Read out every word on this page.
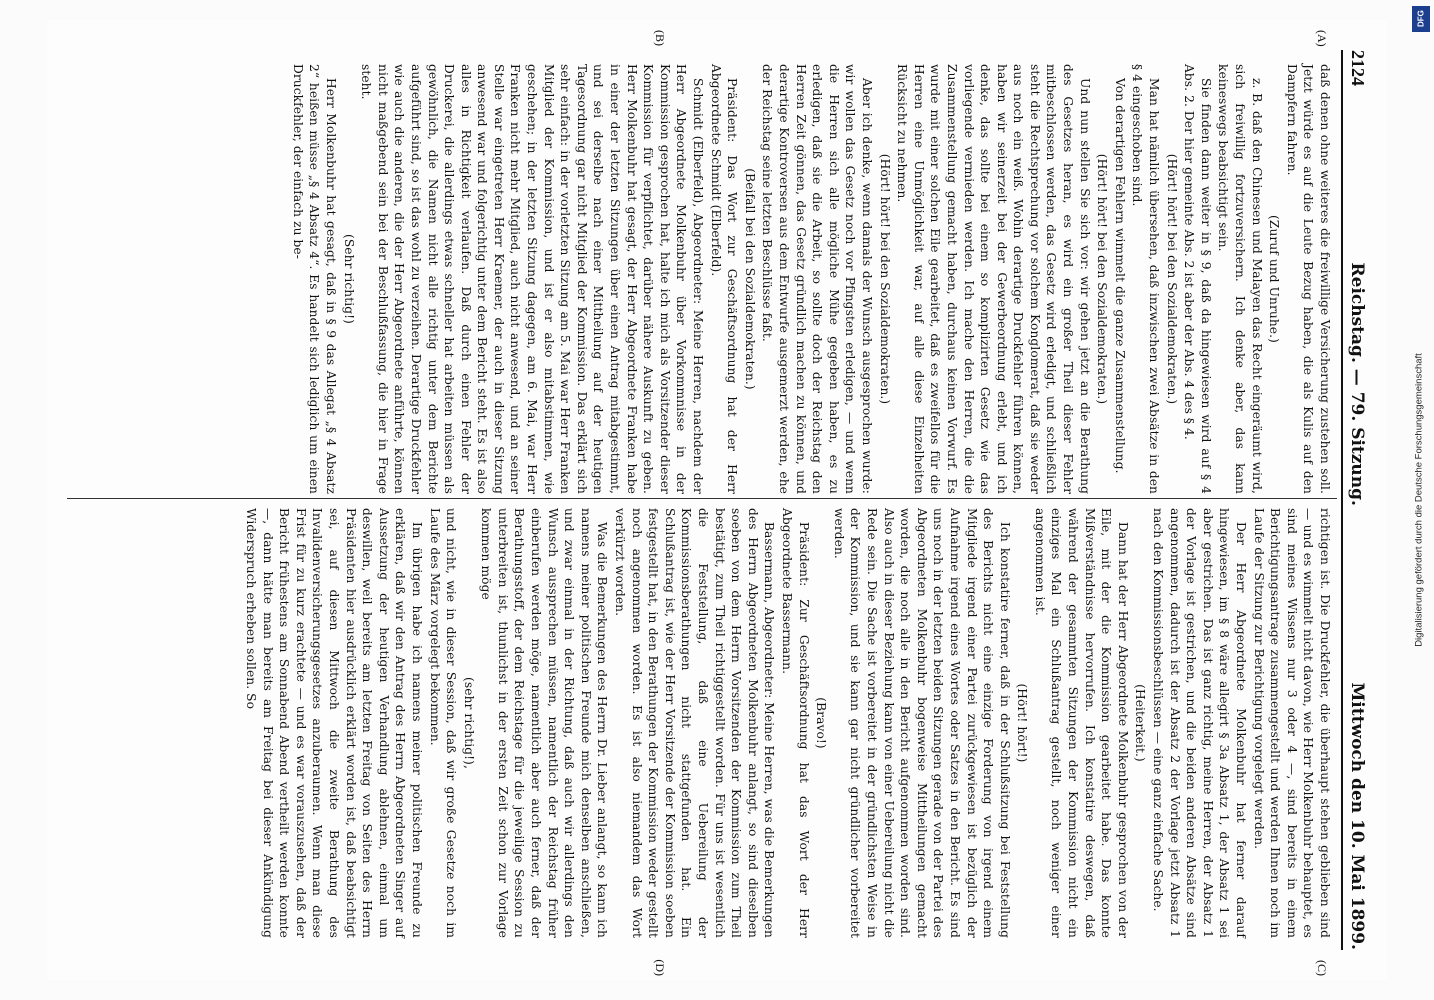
2124
Reichstag. — 79. Sitzung.
Mittwoch den 10. Mai 1899.
(A)
(B)
(C)
(D)

daß denen ohne weiteres die freiwillige Versicherung zustehen soll. Jetzt würde es auf die Leute Bezug haben, die als Kulis auf den Dampfern fahren.

(Zuruf und Unruhe.)

z. B. daß den Chinesen und Malayen das Recht eingeräumt wird, sich freiwillig fortzuversichern. Ich denke aber, das kann keineswegs beabsichtigt sein.

Sie finden dann weiter in § 9, daß da hingewiesen wird auf § 4 Abs. 2. Der hier gemeinte Abs. 2 ist aber der Abs. 4 des § 4.

(Hört! hört! bei den Sozialdemokraten.)

Man hat nämlich übersehen, daß inzwischen zwei Absätze in den § 4 eingeschoben sind.

Von derartigen Fehlern wimmelt die ganze Zusammenstellung.

(Hört! hört! bei den Sozialdemokraten.)

Und nun stellen Sie sich vor: wir gehen jetzt an die Berathung des Gesetzes heran, es wird ein großer Theil dieser Fehler mitbeschlossen werden, das Gesetz wird erledigt, und schließlich steht die Rechtsprechung vor solchem Konglomerat, daß sie weder aus noch ein weiß. Wohin derartige Druckfehler führen können, haben wir seinerzeit bei der Gewerbeordnung erlebt, und ich denke, das sollte bei einem so komplizirten Gesetz wie das vorliegende vermieden werden. Ich mache den Herren, die die Zusammenstellung gemacht haben, durchaus keinen Vorwurf. Es wurde mit einer solchen Eile gearbeitet, daß es zweifellos für die Herren eine Unmöglichkeit war, auf alle diese Einzelheiten Rücksicht zu nehmen.

(Hört! hört! bei den Sozialdemokraten.)

Aber ich denke, wenn damals der Wunsch ausgesprochen wurde: wir wollen das Gesetz noch vor Pfingsten erledigen, — und wenn die Herren sich alle mögliche Mühe gegeben haben, es zu erledigen, daß sie die Arbeit, so sollte doch der Reichstag den Herren Zeit gönnen, das Gesetz gründlich machen zu können, und derartige Kontroversen aus dem Entwurfe ausgemerzt werden, ehe der Reichstag seine letzten Beschlüsse faßt.

(Beifall bei den Sozialdemokraten.)

Präsident: Das Wort zur Geschäftsordnung hat der Herr Abgeordnete Schmidt (Elberfeld).

Schmidt (Elberfeld), Abgeordneter: Meine Herren, nachdem der Herr Abgeordnete Molkenbuhr über Vorkommnisse in der Kommission gesprochen hat, halte ich mich als Vorsitzender dieser Kommission für verpflichtet, darüber nähere Auskunft zu geben. Herr Molkenbuhr hat gesagt, der Herr Abgeordnete Franken habe in einer der letzten Sitzungen über einen Antrag mitabgestimmt, und sei derselbe nach einer Mittheilung auf der heutigen Tagesordnung gar nicht Mitglied der Kommission. Das erklärt sich sehr einfach: in der vorletzten Sitzung am 5. Mai war Herr Franken Mitglied der Kommission, und ist er also mitabstimmen, wie geschehen; in der letzten Sitzung dagegen, am 6. Mai, war Herr Franken nicht mehr Mitglied, auch nicht anwesend, und an seiner Stelle war eingetreten Herr Kraemer, der auch in dieser Sitzung anwesend war und folgerichtig unter dem Bericht steht. Es ist also alles in Richtigkeit verlaufen. Daß durch einen Fehler der Druckerei, die allerdings etwas schneller hat arbeiten müssen als gewöhnlich, die Namen nicht alle richtig unter dem Berichte aufgeführt sind, so ist das wohl zu verzeihen. Derartige Druckfehler wie auch die anderen, die der Herr Abgeordnete anführte, können nicht maßgebend sein bei der Beschlußfassung, die hier in Frage steht.

(Sehr richtig!)

Herr Molkenbuhr hat gesagt, daß in § 9 das Allegat „§ 4 Absatz 2“ heißen müsse „§ 4 Absatz 4“. Es handelt sich lediglich um einen Druckfehler, der einfach zu be-

richtigen ist. Die Druckfehler, die überhaupt stehen geblieben sind — und es wimmelt nicht davon, wie Herr Molkenbuhr behauptet, es sind meines Wissens nur 3 oder 4 —, sind bereits in einem Berichtigungsantrage zusammengestellt und werden Ihnen noch im Laufe der Sitzung zur Berichtigung vorgelegt werden.

Der Herr Abgeordnete Molkenbuhr hat ferner darauf hingewiesen, im § 8 wäre allegirt § 3a Absatz 1, der Absatz 1 sei aber gestrichen. Das ist ganz richtig, meine Herren, der Absatz 1 der Vorlage ist gestrichen, und die beiden anderen Absätze sind angenommen, dadurch ist der Absatz 2 der Vorlage jetzt Absatz 1 nach den Kommissionsbeschlüssen — eine ganz einfache Sache.

(Heiterkeit.)

Dann hat der Herr Abgeordnete Molkenbuhr gesprochen von der Eile, mit der die Kommission gearbeitet habe. Das konnte Mißverständnisse hervorrufen. Ich konstatire deswegen, daß während der gesammten Sitzungen der Kommission nicht ein einziges Mal ein Schlußantrag gestellt, noch weniger einer angenommen ist.

(Hört! hört!)

Ich konstatire ferner, daß in der Schlußsitzung bei Feststellung des Berichts nicht eine einzige Forderung von irgend einem Mitgliede irgend einer Partei zurückgewiesen ist bezüglich der Aufnahme irgend eines Wortes oder Satzes in den Bericht. Es sind uns noch in der letzten beiden Sitzungen gerade von der Partei des Abgeordneten Molkenbuhr bogenweise Mittheilungen gemacht worden, die noch alle in den Bericht aufgenommen worden sind. Also auch in dieser Beziehung kann von einer Uebereilung nicht die Rede sein. Die Sache ist vorbereitet in der gründlichsten Weise in der Kommission, und sie kann gar nicht gründlicher vorbereitet werden.

(Bravo!)

Präsident: Zur Geschäftsordnung hat das Wort der Herr Abgeordnete Bassermann.

Bassermann, Abgeordneter: Meine Herren, was die Bemerkungen des Herrn Abgeordneten Molkenbuhr anlangt, so sind dieselben soeben von dem Herrn Vorsitzenden der Kommission zum Theil bestätigt, zum Theil richtiggestellt worden. Für uns ist wesentlich die Feststellung, daß eine Uebereilung der Kommissionsberathungen nicht stattgefunden hat. Ein Schlußantrag ist, wie der Herr Vorsitzende der Kommission soeben festgestellt hat, in den Berathungen der Kommission weder gestellt noch angenommen worden. Es ist also niemandem das Wort verkürzt worden.

Was die Bemerkungen des Herrn Dr. Lieber anlangt, so kann ich namens meiner politischen Freunde mich denselben anschließen, und zwar einmal in der Richtung, daß auch wir allerdings den Wunsch aussprechen müssen, namentlich der Reichstag früher einberufen werden möge, namentlich aber auch ferner, daß der Berathungsstoff, der dem Reichstage für die jeweilige Session zu unterbreiten ist, thunlichst in der ersten Zeit schon zur Vorlage kommen möge

(sehr richtig!),

und nicht, wie in dieser Session, daß wir große Gesetze noch im Laufe des März vorgelegt bekommen.

Im übrigen habe ich namens meiner politischen Freunde zu erklären, daß wir den Antrag des Herrn Abgeordneten Singer auf Aussetzung der heutigen Verhandlung ablehnen, einmal um deswillen, weil bereits am letzten Freitag von Seiten des Herrn Präsidenten hier ausdrücklich erklärt worden ist, daß beabsichtigt sei, auf diesen Mittwoch die zweite Berathung des Invalidenversicherungsgesetzes anzuberaumen. Wenn man diese Frist für zu kurz erachtete — und es war vorauszusehen, daß der Bericht frühestens am Sonnabend Abend vertheilt werden konnte —, dann hätte man bereits am Freitag bei dieser Ankündigung Widerspruch erheben sollen. So	Digitalisierung gefördert durch die Deutsche Forschungsgemeinschaft
DFG
